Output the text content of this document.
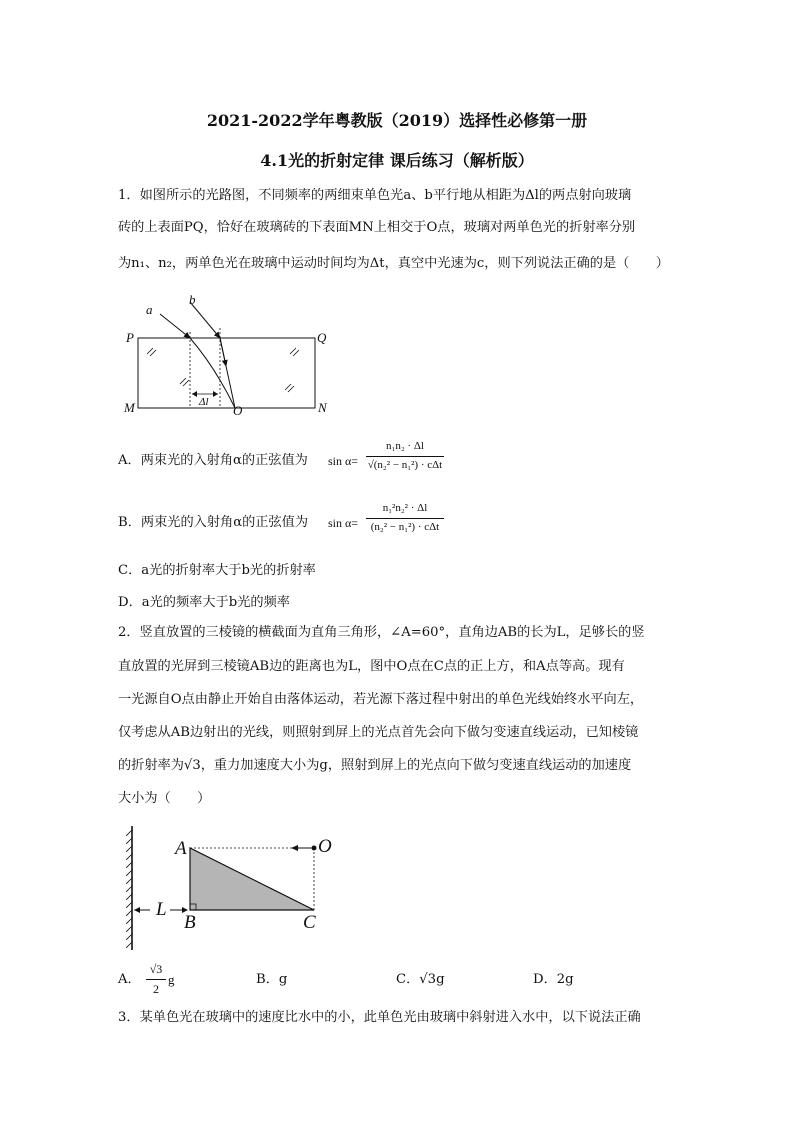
2021-2022学年粤教版（2019）选择性必修第一册
4.1光的折射定律 课后练习（解析版）
1．如图所示的光路图，不同频率的两细束单色光a、b平行地从相距为Δl的两点射向玻璃
砖的上表面PQ，恰好在玻璃砖的下表面MN上相交于O点，玻璃对两单色光的折射率分别
为n₁、n₂，两单色光在玻璃中运动时间均为Δt，真空中光速为c，则下列说法正确的是（　　）
a
b
P	Q
M	N
O
Δl
A．两束光的入射角α的正弦值为 sin α=
n₁n₂ · Δl
√(n₂² − n₁²) · cΔt
B．两束光的入射角α的正弦值为 sin α=
n₁²n₂² · Δl
(n₂² − n₁²) · cΔt
C．a光的折射率大于b光的折射率
D．a光的频率大于b光的频率
2．竖直放置的三棱镜的横截面为直角三角形，∠A=60°，直角边AB的长为L，足够长的竖
直放置的光屏到三棱镜AB边的距离也为L，图中O点在C点的正上方，和A点等高。现有
一光源自O点由静止开始自由落体运动，若光源下落过程中射出的单色光线始终水平向左，
仅考虑从AB边射出的光线，则照射到屏上的光点首先会向下做匀变速直线运动，已知棱镜
的折射率为√3，重力加速度大小为g，照射到屏上的光点向下做匀变速直线运动的加速度
大小为（　　）
A
B	C
O
L
A．
√3
2
g	B．g	C．√3g	D．2g
3．某单色光在玻璃中的速度比水中的小，此单色光由玻璃中斜射进入水中，以下说法正确
